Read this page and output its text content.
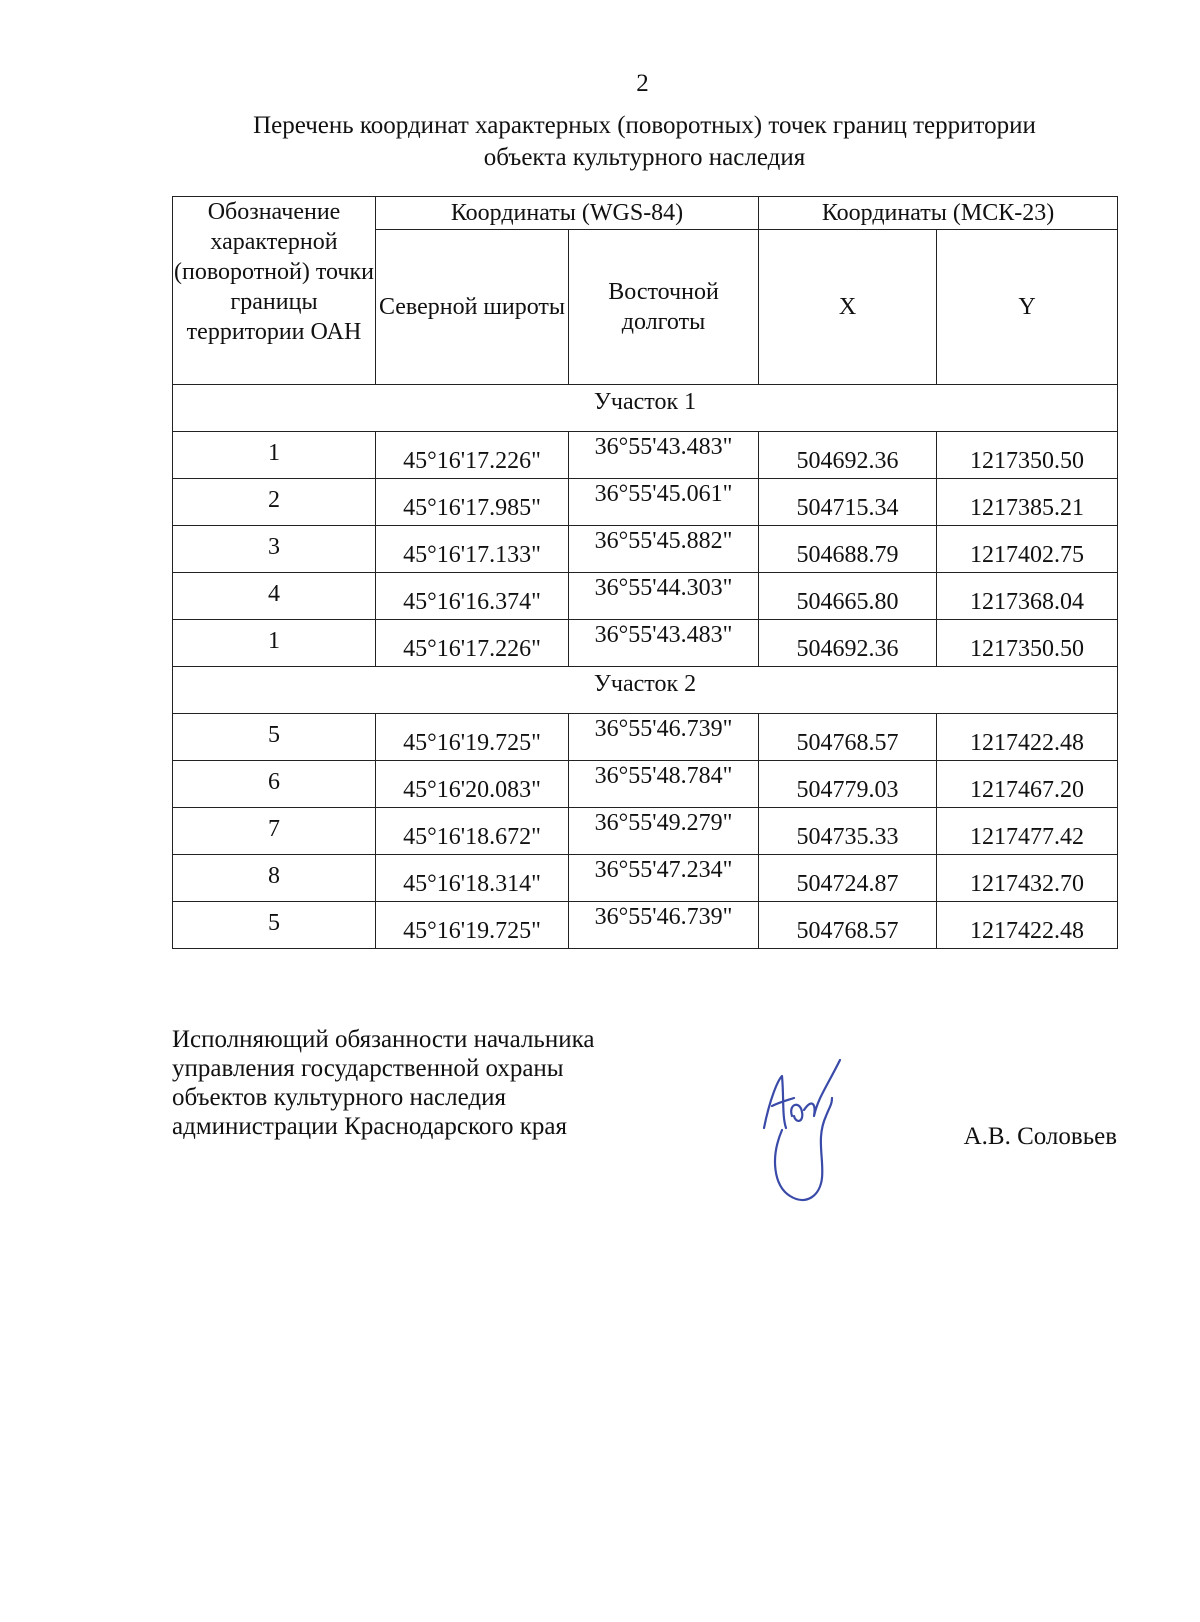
2
Перечень координат характерных (поворотных) точек границ территории
объекта культурного наследия
Обозначение характерной (поворотной) точки границы территории ОАН	Координаты (WGS-84)		Координаты (МСК-23)	
	Северной широты	Восточной долготы	X	Y
Участок 1				
1	45°16'17.226"	36°55'43.483"	504692.36	1217350.50
2	45°16'17.985"	36°55'45.061"	504715.34	1217385.21
3	45°16'17.133"	36°55'45.882"	504688.79	1217402.75
4	45°16'16.374"	36°55'44.303"	504665.80	1217368.04
1	45°16'17.226"	36°55'43.483"	504692.36	1217350.50
Участок 2				
5	45°16'19.725"	36°55'46.739"	504768.57	1217422.48
6	45°16'20.083"	36°55'48.784"	504779.03	1217467.20
7	45°16'18.672"	36°55'49.279"	504735.33	1217477.42
8	45°16'18.314"	36°55'47.234"	504724.87	1217432.70
5	45°16'19.725"	36°55'46.739"	504768.57	1217422.48
Исполняющий обязанности начальника
управления государственной охраны
объектов культурного наследия
администрации Краснодарского края	А.В. Соловьев
